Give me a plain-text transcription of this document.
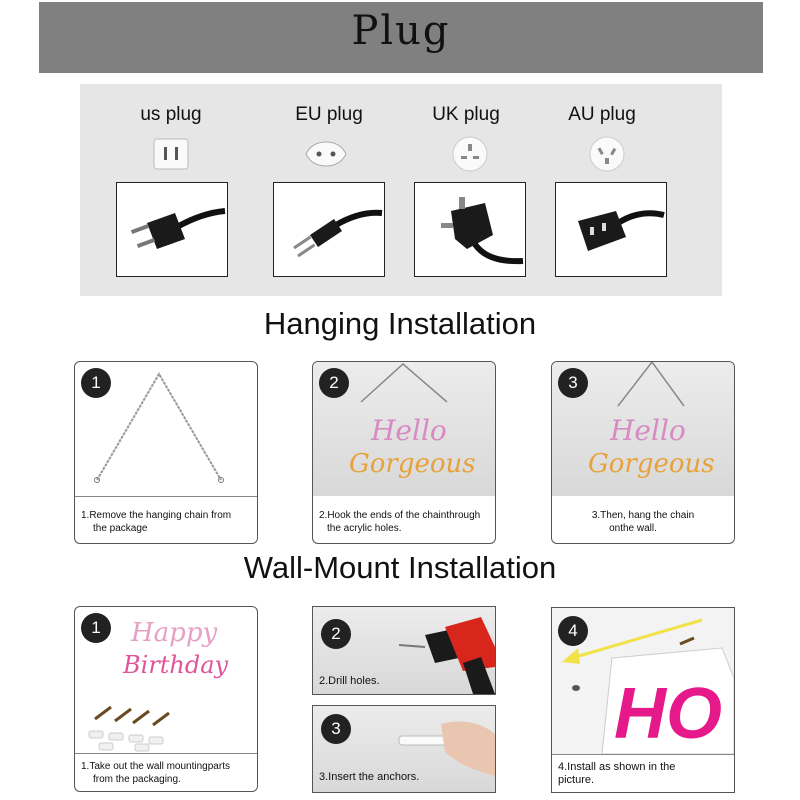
Plug
us plug	EU plug	UK plug	AU plug
Hanging Installation
1
1.Remove the hanging chain from
the package
Hello
Gorgeous
2
2.Hook the ends of the chainthrough
the acrylic holes.
Hello
Gorgeous
3
3.Then, hang the chain
onthe wall.
Wall-Mount Installation
Happy
Birthday
1
1.Take out the wall mountingparts
from the packaging.
2
2.Drill holes.
3
3.Insert the anchors.
HO
4
4.Install as shown in the
picture.
